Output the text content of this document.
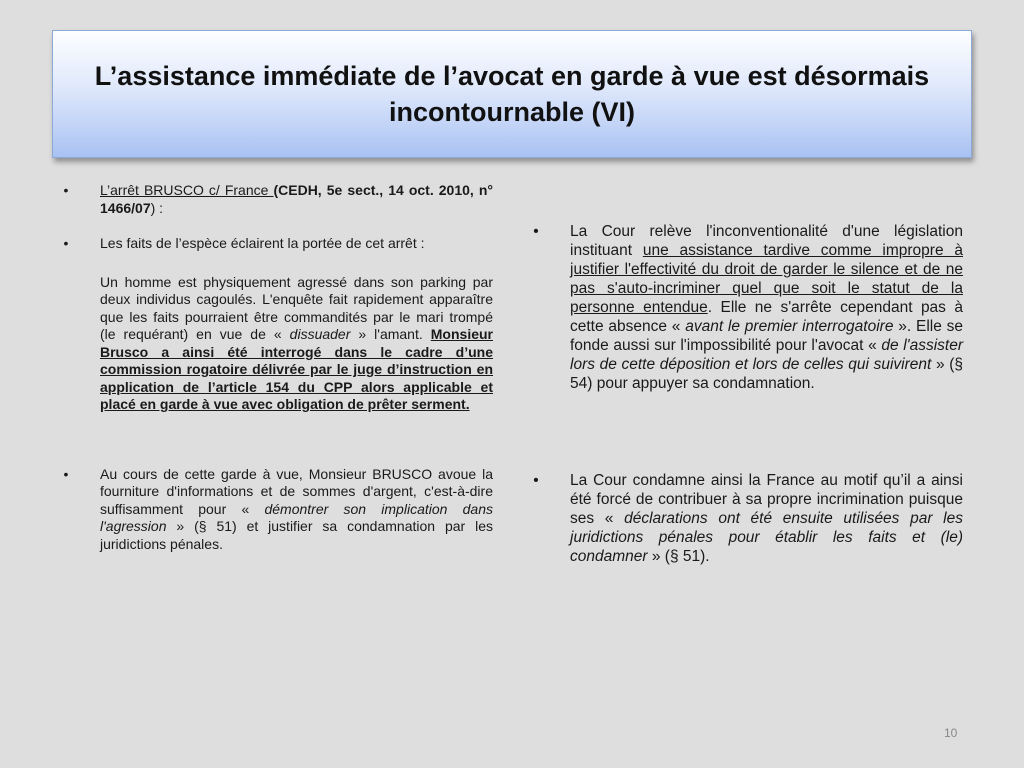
L’assistance immédiate de l’avocat en garde à vue est désormais incontournable (VI)
• L’arrêt BRUSCO c/ France (CEDH, 5e sect., 14 oct. 2010, n° 1466/07) :
• Les faits de l’espèce éclairent la portée de cet arrêt :
Un homme est physiquement agressé dans son parking par deux individus cagoulés. L'enquête fait rapidement apparaître que les faits pourraient être commandités par le mari trompé (le requérant) en vue de « dissuader » l'amant. Monsieur Brusco a ainsi été interrogé dans le cadre d’une commission rogatoire délivrée par le juge d’instruction en application de l’article 154 du CPP alors applicable et placé en garde à vue avec obligation de prêter serment.
• Au cours de cette garde à vue, Monsieur BRUSCO avoue la fourniture d'informations et de sommes d'argent, c'est-à-dire suffisamment pour « démontrer son implication dans l'agression » (§ 51) et justifier sa condamnation par les juridictions pénales.
• La Cour relève l'inconventionalité d'une législation instituant une assistance tardive comme impropre à justifier l'effectivité du droit de garder le silence et de ne pas s'auto-incriminer quel que soit le statut de la personne entendue. Elle ne s'arrête cependant pas à cette absence « avant le premier interrogatoire ». Elle se fonde aussi sur l'impossibilité pour l'avocat « de l'assister lors de cette déposition et lors de celles qui suivirent » (§ 54) pour appuyer sa condamnation.
• La Cour condamne ainsi la France au motif qu’il a ainsi été forcé de contribuer à sa propre incrimination puisque ses « déclarations ont été ensuite utilisées par les juridictions pénales pour établir les faits et (le) condamner » (§ 51).
10
